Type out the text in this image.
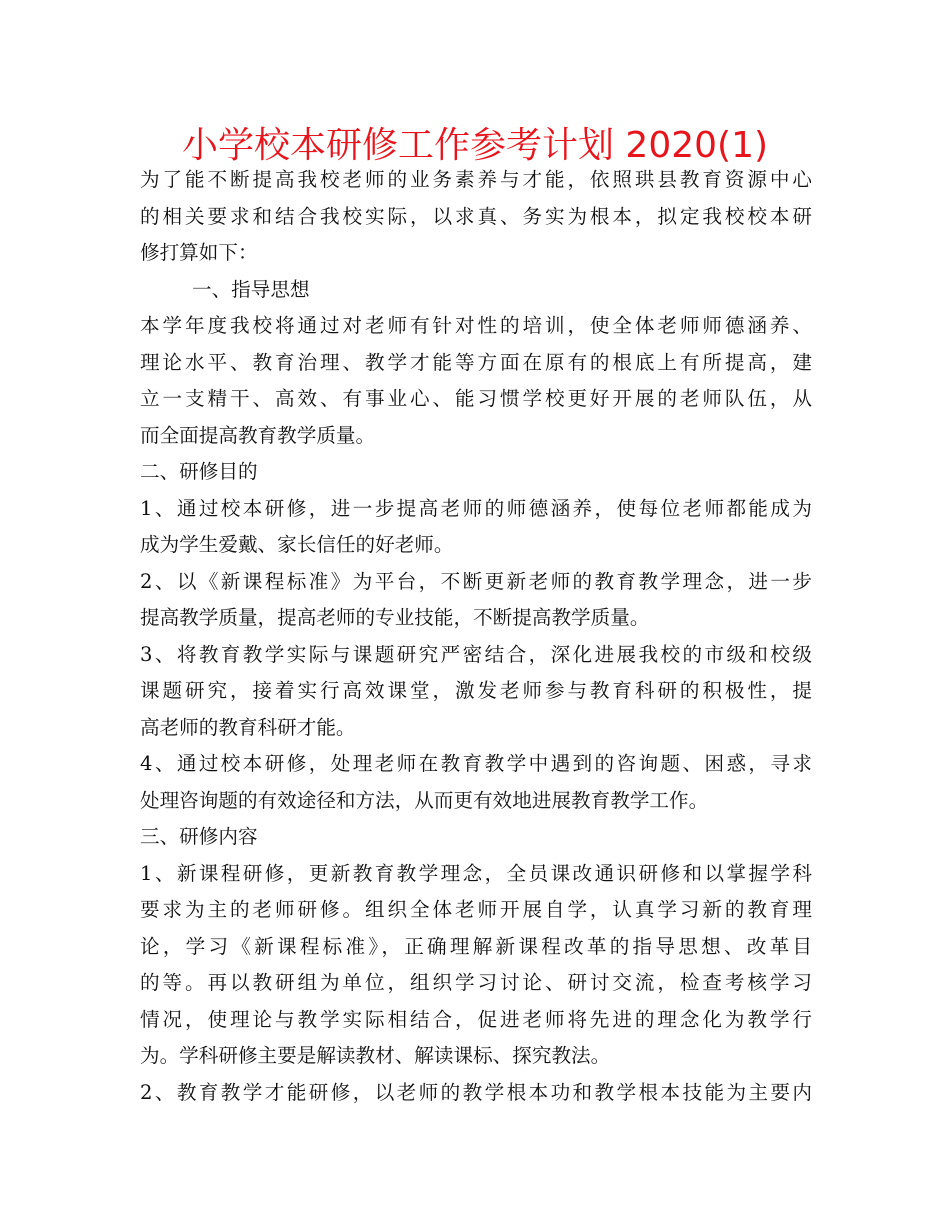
小学校本研修工作参考计划 2020(1)
为了能不断提高我校老师的业务素养与才能，依照珙县教育资源中心
的相关要求和结合我校实际，以求真、务实为根本，拟定我校校本研
修打算如下：
一、指导思想
本学年度我校将通过对老师有针对性的培训，使全体老师师德涵养、
理论水平、教育治理、教学才能等方面在原有的根底上有所提高，建
立一支精干、高效、有事业心、能习惯学校更好开展的老师队伍，从
而全面提高教育教学质量。
二、研修目的
1、通过校本研修，进一步提高老师的师德涵养，使每位老师都能成为
成为学生爱戴、家长信任的好老师。
2、以《新课程标准》为平台，不断更新老师的教育教学理念，进一步
提高教学质量，提高老师的专业技能，不断提高教学质量。
3、将教育教学实际与课题研究严密结合，深化进展我校的市级和校级
课题研究，接着实行高效课堂，激发老师参与教育科研的积极性，提
高老师的教育科研才能。
4、通过校本研修，处理老师在教育教学中遇到的咨询题、困惑，寻求
处理咨询题的有效途径和方法，从而更有效地进展教育教学工作。
三、研修内容
1、新课程研修，更新教育教学理念，全员课改通识研修和以掌握学科
要求为主的老师研修。组织全体老师开展自学，认真学习新的教育理
论，学习《新课程标准》，正确理解新课程改革的指导思想、改革目
的等。再以教研组为单位，组织学习讨论、研讨交流，检查考核学习
情况，使理论与教学实际相结合，促进老师将先进的理念化为教学行
为。学科研修主要是解读教材、解读课标、探究教法。
2、教育教学才能研修，以老师的教学根本功和教学根本技能为主要内
